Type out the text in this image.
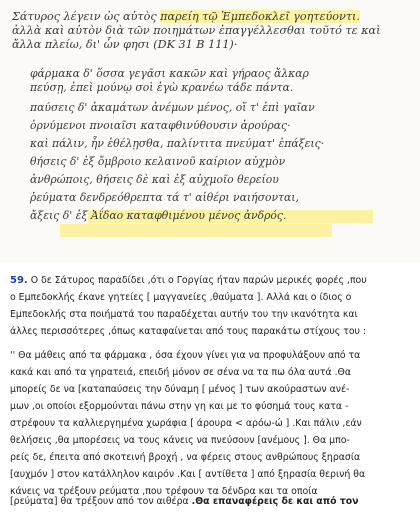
Σάτυρος λέγειν ὡς αὐτὸς παρείη τῷ Ἐμπεδοκλεῖ γοητεύοντι.
ἀλλὰ καὶ αὐτὸν διὰ τῶν ποιημάτων ἐπαγγέλλεσθαι τοῦτό τε καὶ
ἄλλα πλείω, δι' ὧν φησι (DK 31 B 111)·
φάρμακα δ' ὅσσα γεγᾶσι κακῶν καὶ γήραος ἄλκαρ
πεύσῃ, ἐπεὶ μούνῳ σοὶ ἐγὼ κρανέω τάδε πάντα.
παύσεις δ' ἀκαμάτων ἀνέμων μένος, οἵ τ' ἐπὶ γαῖαν
ὀρνύμενοι πνοιαῖσι καταφθινύθουσιν ἀρούρας·
καὶ πάλιν, ἦν ἐθέλῃσθα, παλίντιτα πνεύματ' ἐπάξεις·
θήσεις δ' ἐξ ὄμβροιο κελαινοῦ καίριον αὐχμὸν
ἀνθρώποις, θήσεις δὲ καὶ ἐξ αὐχμοῖο θερείου
ῥεύματα δενδρεόθρεπτα τά τ' αἰθέρι ναιήσονται,
ἄξεις δ' ἐξ Ἀΐδαο καταφθιμένου μένος ἀνδρός.
59. Ο δε Σάτυρος παραδίδει ,ότι ο Γοργίας ήταν παρών μερικές φορές ,που
ο Εμπεδοκλής έκανε γητείες [ μαγγανείες ,θαύματα ]. Αλλά και ο ίδιος ο
Εμπεδοκλής στα ποιήματά του παραδέχεται αυτήν του την ικανότητα και
άλλες περισσότερες ,όπως καταφαίνεται από τους παρακάτω στίχους του :
'' Θα μάθεις από τα φάρμακα , όσα έχουν γίνει για να προφυλάξουν από τα
κακά και από τα γηρατειά, επειδή μόνον σε σένα να τα πω όλα αυτά .Θα
μπορείς δε να [καταπαύσεις την δύναμη [ μένος ] των ακούραστων ανέ-
μων ,οι οποίοι εξορμούνται πάνω στην γη και με το φύσημά τους κατα -
στρέφουν τα καλλιεργημένα χωράφια [ άρουρα < αρόω-ώ ] .Και πάλιν ,εάν
θελήσεις ,θα μπορέσεις να τους κάνεις να πνεύσουν [ανέμους ]. Θα μπο-
ρείς δε, έπειτα από σκοτεινή βροχή , να φέρεις στους ανθρώπους ξηρασία
[αυχμόν ] στον κατάλληλον καιρόν .Και [ αντίθετα ] από ξηρασία θερινή θα
κάνεις να τρέξουν ρεύματα ,που τρέφουν τα δένδρα και τα οποία
[ρεύματα] θα τρέξουν από τον αιθέρα .Θα επαναφέρεις δε και από τον
